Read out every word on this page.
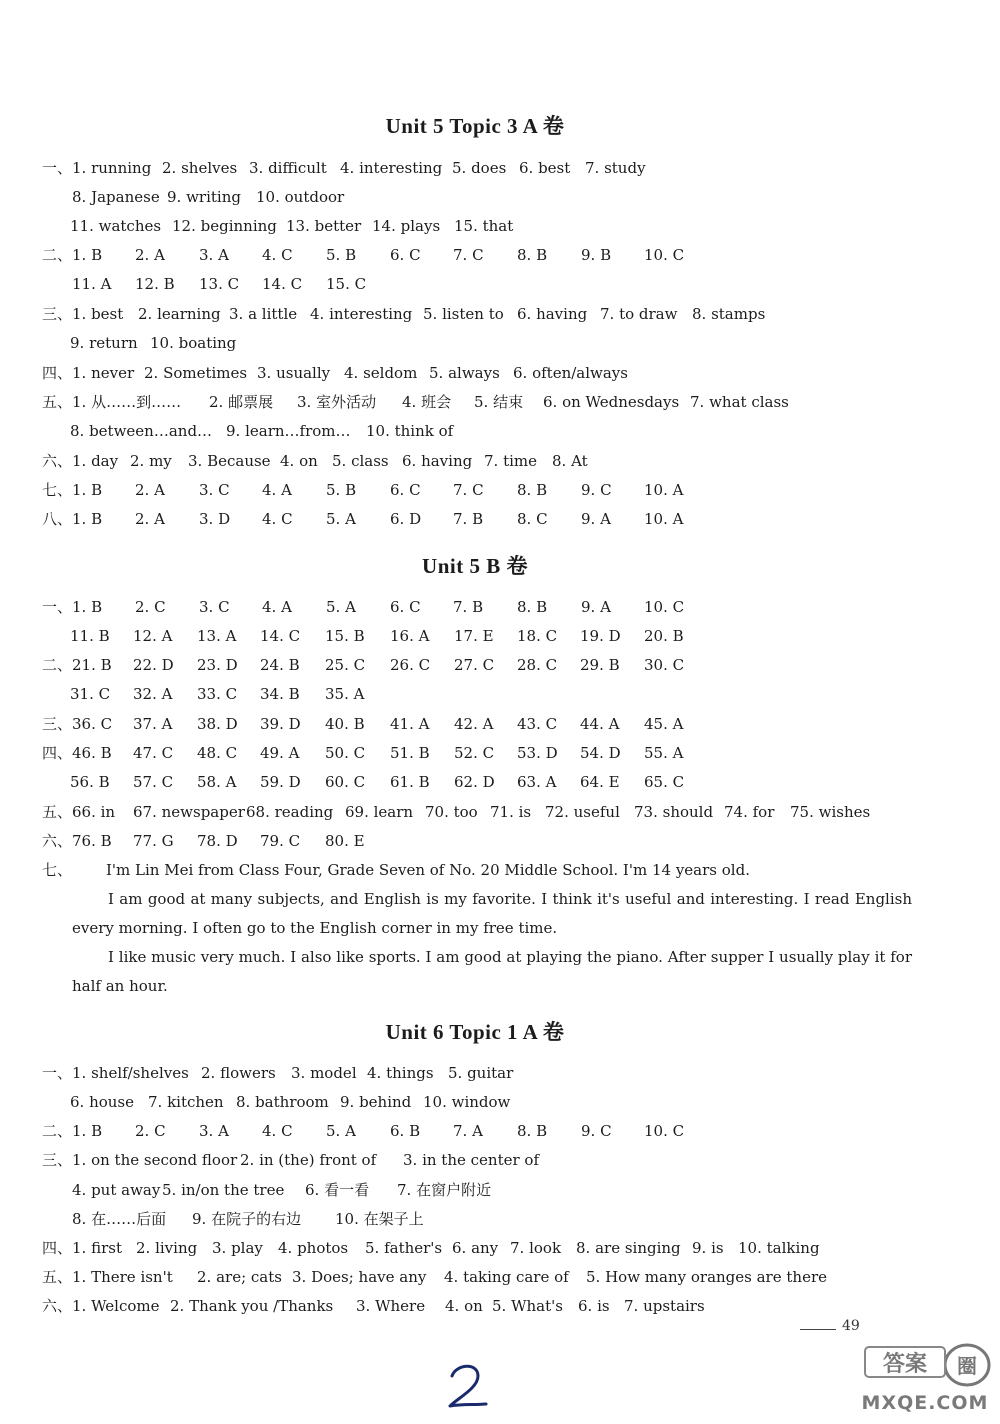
Unit 5 Topic 3 A 卷
一、1. running 2. shelves 3. difficult 4. interesting 5. does 6. best 7. study
8. Japanese 9. writing 10. outdoor
11. watches 12. beginning 13. better 14. plays 15. that
二、1. B 2. A 3. A 4. C 5. B 6. C 7. C 8. B 9. B 10. C
11. A 12. B 13. C 14. C 15. C
三、1. best 2. learning 3. a little 4. interesting 5. listen to 6. having 7. to draw 8. stamps
9. return 10. boating
四、1. never 2. Sometimes 3. usually 4. seldom 5. always 6. often/always
五、1. 从……到…… 2. 邮票展 3. 室外活动 4. 班会 5. 结束 6. on Wednesdays 7. what class
8. between…and… 9. learn…from… 10. think of
六、1. day 2. my 3. Because 4. on 5. class 6. having 7. time 8. At
七、1. B 2. A 3. C 4. A 5. B 6. C 7. C 8. B 9. C 10. A
八、1. B 2. A 3. D 4. C 5. A 6. D 7. B 8. C 9. A 10. A
Unit 5 B 卷
一、1. B 2. C 3. C 4. A 5. A 6. C 7. B 8. B 9. A 10. C
11. B 12. A 13. A 14. C 15. B 16. A 17. E 18. C 19. D 20. B
二、21. B 22. D 23. D 24. B 25. C 26. C 27. C 28. C 29. B 30. C
31. C 32. A 33. C 34. B 35. A
三、36. C 37. A 38. D 39. D 40. B 41. A 42. A 43. C 44. A 45. A
四、46. B 47. C 48. C 49. A 50. C 51. B 52. C 53. D 54. D 55. A
56. B 57. C 58. A 59. D 60. C 61. B 62. D 63. A 64. E 65. C
五、66. in 67. newspaper 68. reading 69. learn 70. too 71. is 72. useful 73. should 74. for 75. wishes
六、76. B 77. G 78. D 79. C 80. E
七、 I'm Lin Mei from Class Four, Grade Seven of No. 20 Middle School. I'm 14 years old.

I am good at many subjects, and English is my favorite. I think it's useful and interesting. I read English every morning. I often go to the English corner in my free time.

I like music very much. I also like sports. I am good at playing the piano. After supper I usually play it for half an hour.

Unit 6 Topic 1 A 卷
一、1. shelf/shelves 2. flowers 3. model 4. things 5. guitar
6. house 7. kitchen 8. bathroom 9. behind 10. window
二、1. B 2. C 3. A 4. C 5. A 6. B 7. A 8. B 9. C 10. C
三、1. on the second floor 2. in (the) front of 3. in the center of
4. put away 5. in/on the tree 6. 看一看 7. 在窗户附近
8. 在……后面 9. 在院子的右边 10. 在架子上
四、1. first 2. living 3. play 4. photos 5. father's 6. any 7. look 8. are singing 9. is 10. talking
五、1. There isn't 2. are; cats 3. Does; have any 4. taking care of 5. How many oranges are there
六、1. Welcome 2. Thank you /Thanks 3. Where 4. on 5. What's 6. is 7. upstairs
49
答案 圈
MXQE.COM
